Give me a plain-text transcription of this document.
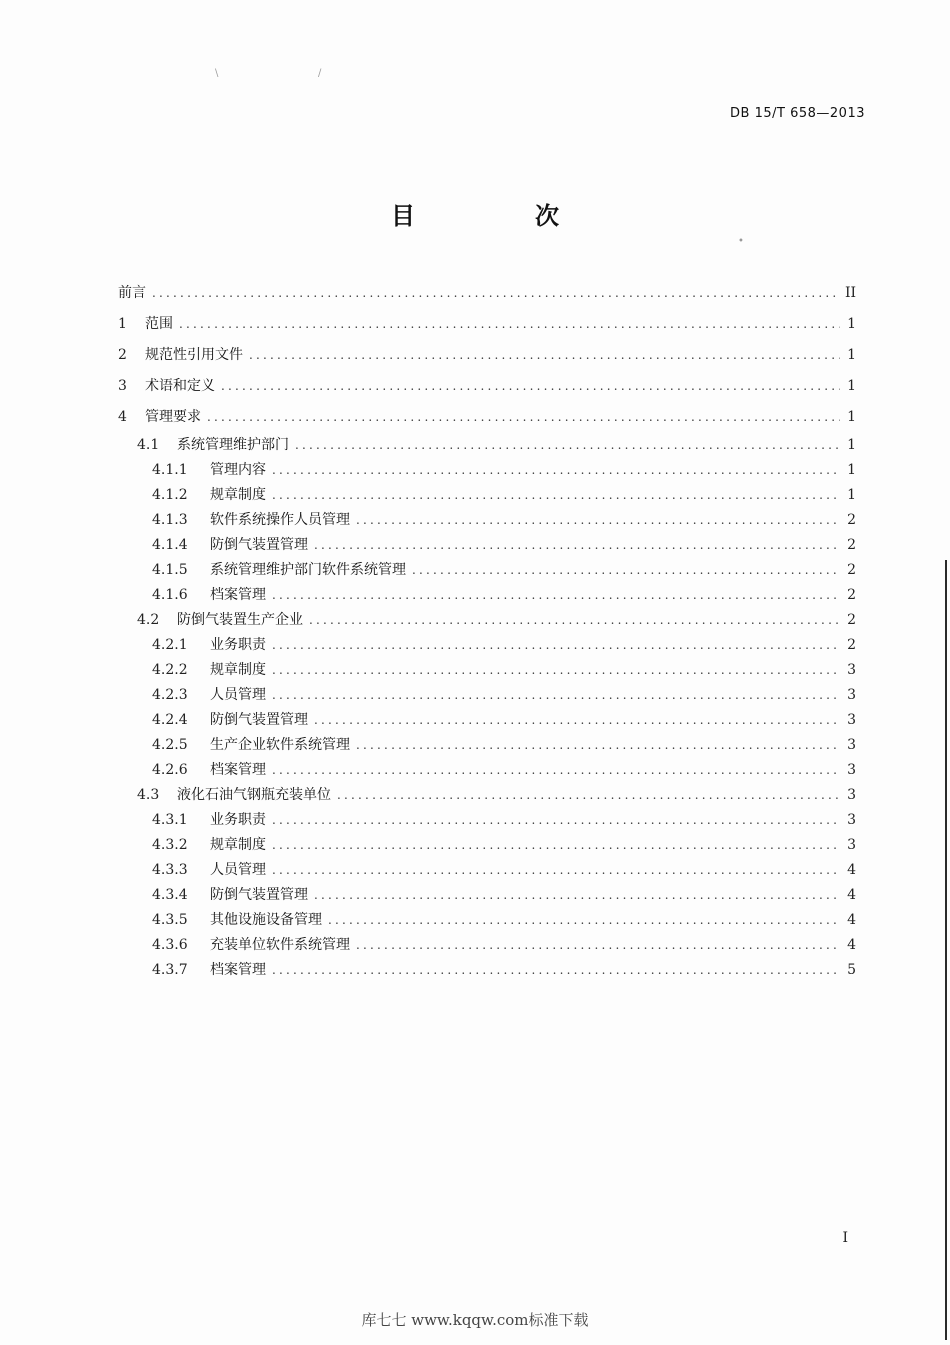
\	/
•
DB 15/T 658—2013
目　次
前言 .....	II
1	范围 .....	1
2	规范性引用文件 .....	1
3	术语和定义 .....	1
4	管理要求 .....	1
4.1	系统管理维护部门 .....	1
4.1.1	管理内容 .....	1
4.1.2	规章制度 .....	1
4.1.3	软件系统操作人员管理 .....	2
4.1.4	防倒气装置管理 .....	2
4.1.5	系统管理维护部门软件系统管理 .....	2
4.1.6	档案管理 .....	2
4.2	防倒气装置生产企业 .....	2
4.2.1	业务职责 .....	2
4.2.2	规章制度 .....	3
4.2.3	人员管理 .....	3
4.2.4	防倒气装置管理 .....	3
4.2.5	生产企业软件系统管理 .....	3
4.2.6	档案管理 .....	3
4.3	液化石油气钢瓶充装单位 .....	3
4.3.1	业务职责 .....	3
4.3.2	规章制度 .....	3
4.3.3	人员管理 .....	4
4.3.4	防倒气装置管理 .....	4
4.3.5	其他设施设备管理 .....	4
4.3.6	充装单位软件系统管理 .....	4
4.3.7	档案管理 .....	5
I
库七七 www.kqqw.com标准下载
